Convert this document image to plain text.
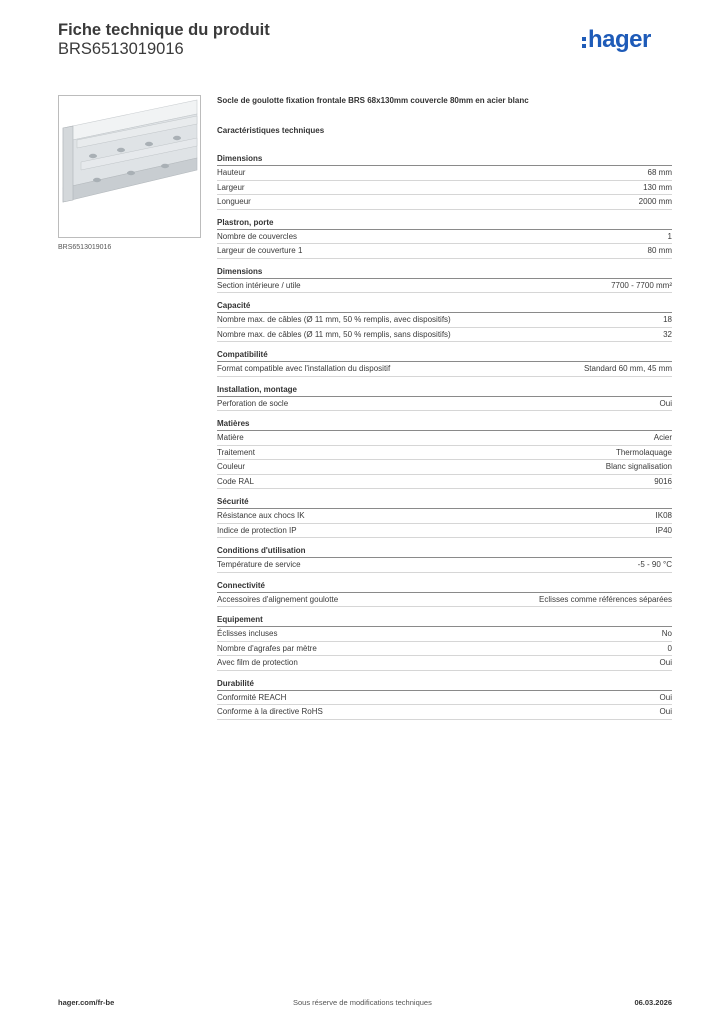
Fiche technique du produit
BRS6513019016	hager
BRS6513019016
Socle de goulotte fixation frontale BRS 68x130mm couvercle 80mm en acier blanc
Caractéristiques techniques
Dimensions
Hauteur	68 mm
Largeur	130 mm
Longueur	2000 mm
Plastron, porte
Nombre de couvercles	1
Largeur de couverture 1	80 mm
Dimensions
Section intérieure / utile	7700 - 7700 mm²
Capacité
Nombre max. de câbles (Ø 11 mm, 50 % remplis, avec dispositifs)	18
Nombre max. de câbles (Ø 11 mm, 50 % remplis, sans dispositifs)	32
Compatibilité
Format compatible avec l'installation du dispositif	Standard 60 mm, 45 mm
Installation, montage
Perforation de socle	Oui
Matières
Matière	Acier
Traitement	Thermolaquage
Couleur	Blanc signalisation
Code RAL	9016
Sécurité
Résistance aux chocs IK	IK08
Indice de protection IP	IP40
Conditions d'utilisation
Température de service	-5 - 90 °C
Connectivité
Accessoires d'alignement goulotte	Eclisses comme références séparées
Equipement
Éclisses incluses	No
Nombre d'agrafes par mètre	0
Avec film de protection	Oui
Durabilité
Conformité REACH	Oui
Conforme à la directive RoHS	Oui
hager.com/fr-be	Sous réserve de modifications techniques	06.03.2026
